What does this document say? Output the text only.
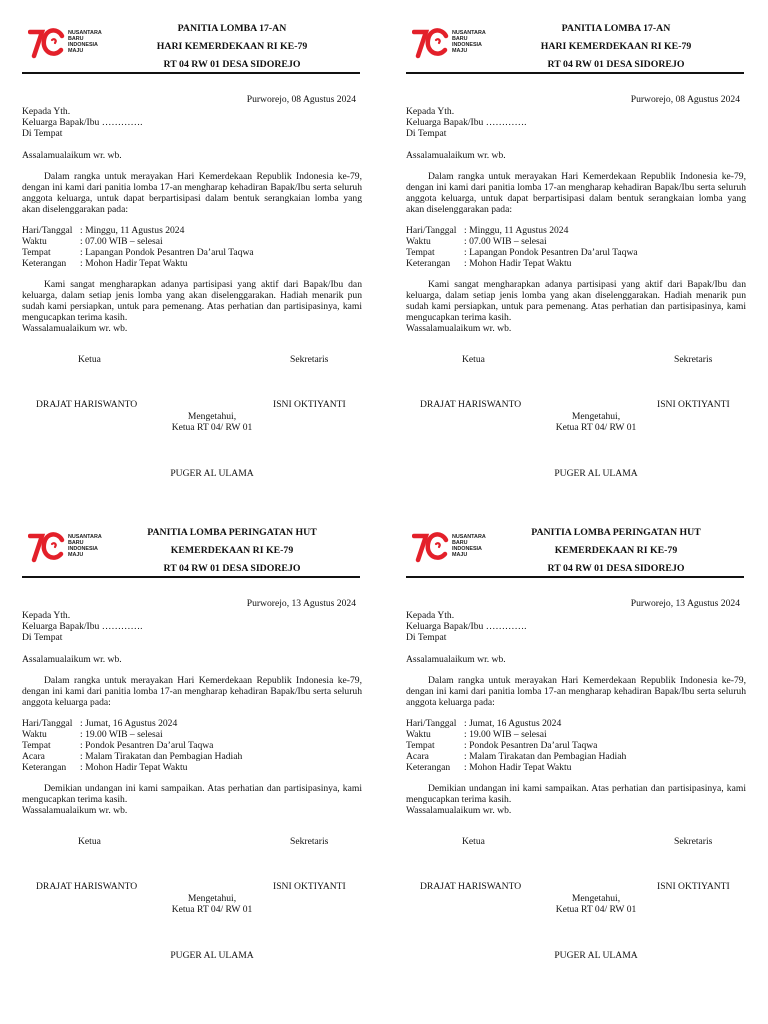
NUSANTARA
BARU
INDONESIA
MAJU
PANITIA LOMBA 17-AN
HARI KEMERDEKAAN RI KE-79
RT 04 RW 01 DESA SIDOREJO
Purworejo, 08 Agustus 2024
Kepada Yth.
Keluarga Bapak/Ibu ………….
Di Tempat
Assalamualaikum wr. wb.
Dalam rangka untuk merayakan Hari Kemerdekaan Republik Indonesia ke-79, dengan ini kami dari panitia lomba 17-an mengharap kehadiran Bapak/Ibu serta seluruh anggota keluarga, untuk dapat berpartisipasi dalam bentuk serangkaian lomba yang akan diselenggarakan pada:
Hari/Tanggal : Minggu, 11 Agustus 2024
Waktu	: 07.00 WIB – selesai
Tempat	: Lapangan Pondok Pesantren Da’arul Taqwa
Keterangan	: Mohon Hadir Tepat Waktu
Kami sangat mengharapkan adanya partisipasi yang aktif dari Bapak/Ibu dan keluarga, dalam setiap jenis lomba yang akan diselenggarakan. Hadiah menarik pun sudah kami persiapkan, untuk para pemenang. Atas perhatian dan partisipasinya, kami mengucapkan terima kasih.
Wassalamualaikum wr. wb.
Ketua	Sekretaris
DRAJAT HARISWANTO	ISNI OKTIYANTI
Mengetahui,
Ketua RT 04/ RW 01
PUGER AL ULAMA
NUSANTARA
BARU
INDONESIA
MAJU
PANITIA LOMBA 17-AN
HARI KEMERDEKAAN RI KE-79
RT 04 RW 01 DESA SIDOREJO
Purworejo, 08 Agustus 2024
Kepada Yth.
Keluarga Bapak/Ibu ………….
Di Tempat
Assalamualaikum wr. wb.
Dalam rangka untuk merayakan Hari Kemerdekaan Republik Indonesia ke-79, dengan ini kami dari panitia lomba 17-an mengharap kehadiran Bapak/Ibu serta seluruh anggota keluarga, untuk dapat berpartisipasi dalam bentuk serangkaian lomba yang akan diselenggarakan pada:
Hari/Tanggal : Minggu, 11 Agustus 2024
Waktu	: 07.00 WIB – selesai
Tempat	: Lapangan Pondok Pesantren Da’arul Taqwa
Keterangan	: Mohon Hadir Tepat Waktu
Kami sangat mengharapkan adanya partisipasi yang aktif dari Bapak/Ibu dan keluarga, dalam setiap jenis lomba yang akan diselenggarakan. Hadiah menarik pun sudah kami persiapkan, untuk para pemenang. Atas perhatian dan partisipasinya, kami mengucapkan terima kasih.
Wassalamualaikum wr. wb.
Ketua	Sekretaris
DRAJAT HARISWANTO	ISNI OKTIYANTI
Mengetahui,
Ketua RT 04/ RW 01
PUGER AL ULAMA
NUSANTARA
BARU
INDONESIA
MAJU
PANITIA LOMBA PERINGATAN HUT
KEMERDEKAAN RI KE-79
RT 04 RW 01 DESA SIDOREJO
Purworejo, 13 Agustus 2024
Kepada Yth.
Keluarga Bapak/Ibu ………….
Di Tempat
Assalamualaikum wr. wb.
Dalam rangka untuk merayakan Hari Kemerdekaan Republik Indonesia ke-79, dengan ini kami dari panitia lomba 17-an mengharap kehadiran Bapak/Ibu serta seluruh anggota keluarga pada:
Hari/Tanggal : Jumat, 16 Agustus 2024
Waktu	: 19.00 WIB – selesai
Tempat	: Pondok Pesantren Da’arul Taqwa
Acara	: Malam Tirakatan dan Pembagian Hadiah
Keterangan	: Mohon Hadir Tepat Waktu
Demikian undangan ini kami sampaikan. Atas perhatian dan partisipasinya, kami mengucapkan terima kasih.
Wassalamualaikum wr. wb.
Ketua	Sekretaris
DRAJAT HARISWANTO	ISNI OKTIYANTI
Mengetahui,
Ketua RT 04/ RW 01
PUGER AL ULAMA
NUSANTARA
BARU
INDONESIA
MAJU
PANITIA LOMBA PERINGATAN HUT
KEMERDEKAAN RI KE-79
RT 04 RW 01 DESA SIDOREJO
Purworejo, 13 Agustus 2024
Kepada Yth.
Keluarga Bapak/Ibu ………….
Di Tempat
Assalamualaikum wr. wb.
Dalam rangka untuk merayakan Hari Kemerdekaan Republik Indonesia ke-79, dengan ini kami dari panitia lomba 17-an mengharap kehadiran Bapak/Ibu serta seluruh anggota keluarga pada:
Hari/Tanggal : Jumat, 16 Agustus 2024
Waktu	: 19.00 WIB – selesai
Tempat	: Pondok Pesantren Da’arul Taqwa
Acara	: Malam Tirakatan dan Pembagian Hadiah
Keterangan	: Mohon Hadir Tepat Waktu
Demikian undangan ini kami sampaikan. Atas perhatian dan partisipasinya, kami mengucapkan terima kasih.
Wassalamualaikum wr. wb.
Ketua	Sekretaris
DRAJAT HARISWANTO	ISNI OKTIYANTI
Mengetahui,
Ketua RT 04/ RW 01
PUGER AL ULAMA
